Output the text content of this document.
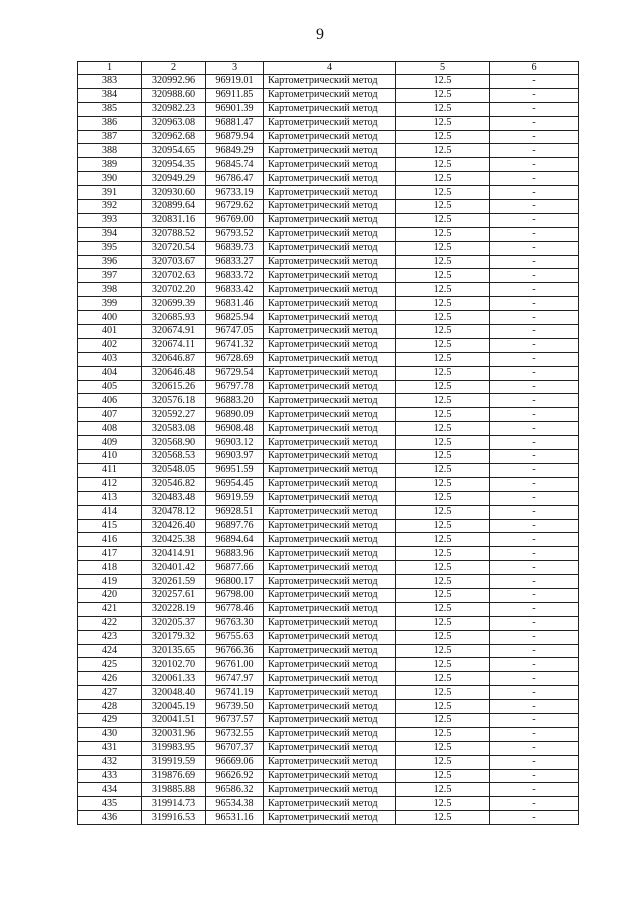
9
1	2	3	4	5	6
383	320992.96	96919.01	Картометрический метод	12.5	-
384	320988.60	96911.85	Картометрический метод	12.5	-
385	320982.23	96901.39	Картометрический метод	12.5	-
386	320963.08	96881.47	Картометрический метод	12.5	-
387	320962.68	96879.94	Картометрический метод	12.5	-
388	320954.65	96849.29	Картометрический метод	12.5	-
389	320954.35	96845.74	Картометрический метод	12.5	-
390	320949.29	96786.47	Картометрический метод	12.5	-
391	320930.60	96733.19	Картометрический метод	12.5	-
392	320899.64	96729.62	Картометрический метод	12.5	-
393	320831.16	96769.00	Картометрический метод	12.5	-
394	320788.52	96793.52	Картометрический метод	12.5	-
395	320720.54	96839.73	Картометрический метод	12.5	-
396	320703.67	96833.27	Картометрический метод	12.5	-
397	320702.63	96833.72	Картометрический метод	12.5	-
398	320702.20	96833.42	Картометрический метод	12.5	-
399	320699.39	96831.46	Картометрический метод	12.5	-
400	320685.93	96825.94	Картометрический метод	12.5	-
401	320674.91	96747.05	Картометрический метод	12.5	-
402	320674.11	96741.32	Картометрический метод	12.5	-
403	320646.87	96728.69	Картометрический метод	12.5	-
404	320646.48	96729.54	Картометрический метод	12.5	-
405	320615.26	96797.78	Картометрический метод	12.5	-
406	320576.18	96883.20	Картометрический метод	12.5	-
407	320592.27	96890.09	Картометрический метод	12.5	-
408	320583.08	96908.48	Картометрический метод	12.5	-
409	320568.90	96903.12	Картометрический метод	12.5	-
410	320568.53	96903.97	Картометрический метод	12.5	-
411	320548.05	96951.59	Картометрический метод	12.5	-
412	320546.82	96954.45	Картометрический метод	12.5	-
413	320483.48	96919.59	Картометрический метод	12.5	-
414	320478.12	96928.51	Картометрический метод	12.5	-
415	320426.40	96897.76	Картометрический метод	12.5	-
416	320425.38	96894.64	Картометрический метод	12.5	-
417	320414.91	96883.96	Картометрический метод	12.5	-
418	320401.42	96877.66	Картометрический метод	12.5	-
419	320261.59	96800.17	Картометрический метод	12.5	-
420	320257.61	96798.00	Картометрический метод	12.5	-
421	320228.19	96778.46	Картометрический метод	12.5	-
422	320205.37	96763.30	Картометрический метод	12.5	-
423	320179.32	96755.63	Картометрический метод	12.5	-
424	320135.65	96766.36	Картометрический метод	12.5	-
425	320102.70	96761.00	Картометрический метод	12.5	-
426	320061.33	96747.97	Картометрический метод	12.5	-
427	320048.40	96741.19	Картометрический метод	12.5	-
428	320045.19	96739.50	Картометрический метод	12.5	-
429	320041.51	96737.57	Картометрический метод	12.5	-
430	320031.96	96732.55	Картометрический метод	12.5	-
431	319983.95	96707.37	Картометрический метод	12.5	-
432	319919.59	96669.06	Картометрический метод	12.5	-
433	319876.69	96626.92	Картометрический метод	12.5	-
434	319885.88	96586.32	Картометрический метод	12.5	-
435	319914.73	96534.38	Картометрический метод	12.5	-
436	319916.53	96531.16	Картометрический метод	12.5	-
